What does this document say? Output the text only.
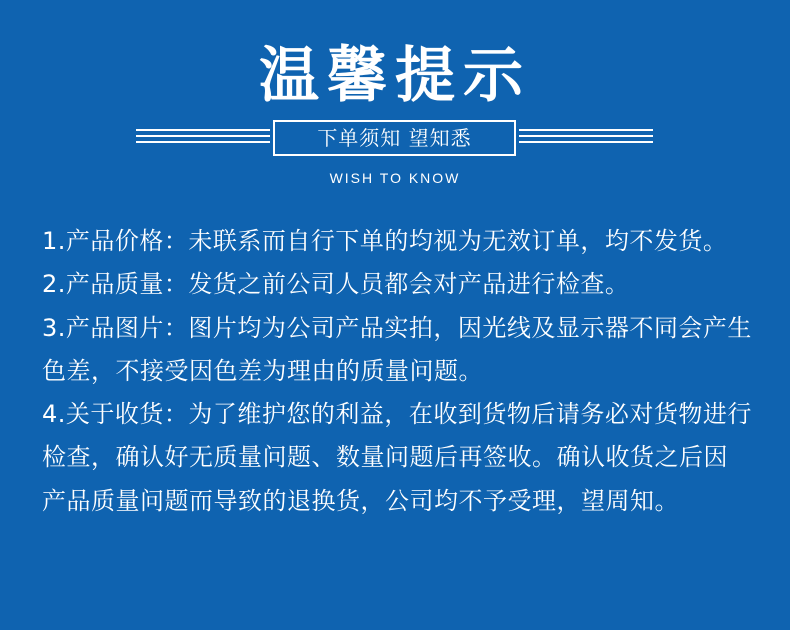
温馨提示
下单须知 望知悉
WISH TO KNOW

1.产品价格：未联系而自行下单的均视为无效订单，均不发货。

2.产品质量：发货之前公司人员都会对产品进行检查。

3.产品图片：图片均为公司产品实拍，因光线及显示器不同会产生色差，不接受因色差为理由的质量问题。

4.关于收货：为了维护您的利益，在收到货物后请务必对货物进行检查，确认好无质量问题、数量问题后再签收。确认收货之后因产品质量问题而导致的退换货，公司均不予受理，望周知。
